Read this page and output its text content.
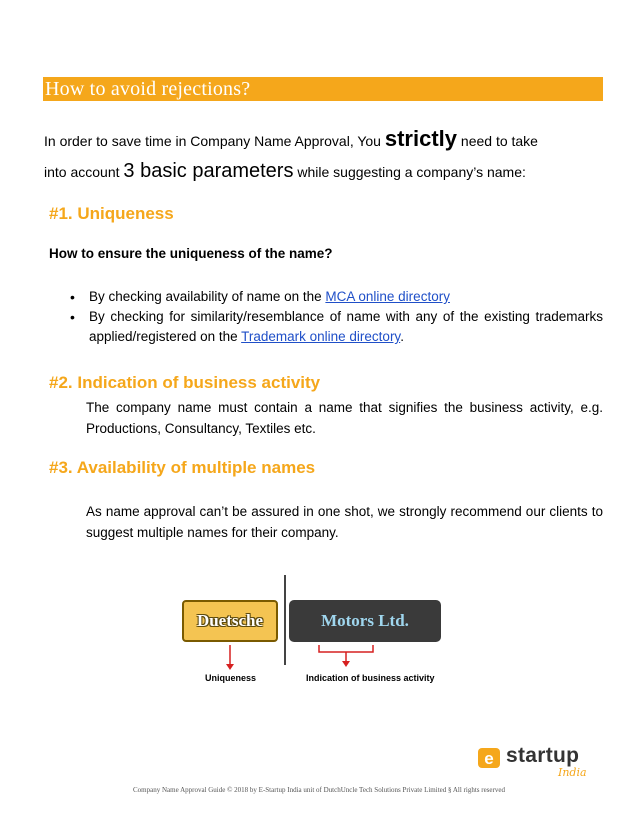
How to avoid rejections?
In order to save time in Company Name Approval, You strictly need to take
into account 3 basic parameters while suggesting a company’s name:
#1. Uniqueness
How to ensure the uniqueness of the name?
• By checking availability of name on the MCA online directory
• By checking for similarity/resemblance of name with any of the existing trademarks applied/registered on the Trademark online directory.
#2. Indication of business activity
The company name must contain a name that signifies the business activity, e.g. Productions, Consultancy, Textiles etc.
#3. Availability of multiple names
As name approval can’t be assured in one shot, we strongly recommend our clients to suggest multiple names for their company.
Duetsche	Motors Ltd.
Uniqueness	Indication of business activity
e startup
India
Company Name Approval Guide © 2018 by E-Startup India unit of DutchUncle Tech Solutions Private Limited § All rights reserved
